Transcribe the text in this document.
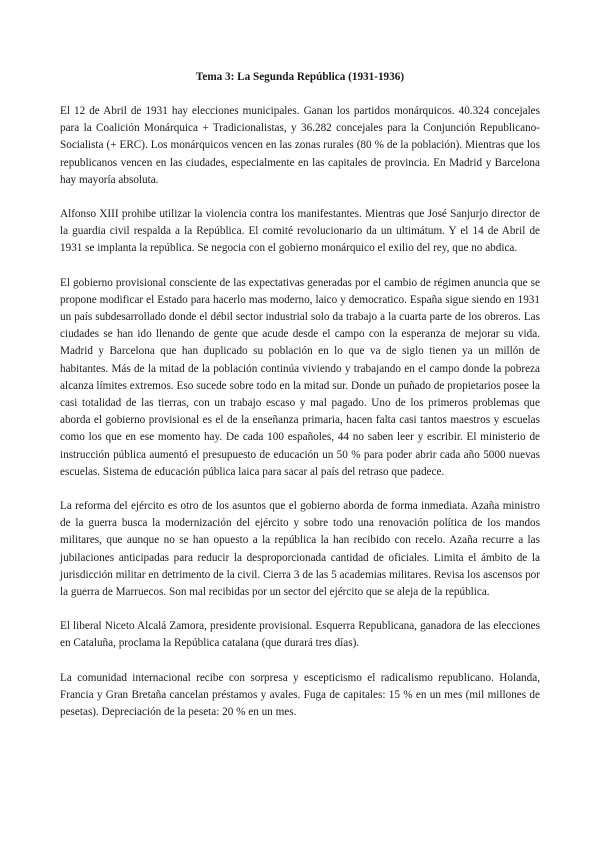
Tema 3: La Segunda República (1931-1936)

El 12 de Abril de 1931 hay elecciones municipales. Ganan los partidos monárquicos. 40.324 concejales para la Coalición Monárquica + Tradicionalistas, y 36.282 concejales para la Conjunción Republicano-Socialista (+ ERC). Los monárquicos vencen en las zonas rurales (80 % de la población). Mientras que los republicanos vencen en las ciudades, especialmente en las capitales de provincia. En Madrid y Barcelona hay mayoría absoluta.

Alfonso XIII prohibe utilizar la violencia contra los manifestantes. Mientras que José Sanjurjo director de la guardia civil respalda a la República. El comité revolucionario da un ultimátum. Y el 14 de Abril de 1931 se implanta la república. Se negocia con el gobierno monárquico el exilio del rey, que no abdica.

El gobierno provisional consciente de las expectativas generadas por el cambio de régimen anuncia que se propone modificar el Estado para hacerlo mas moderno, laico y democratico. España sigue siendo en 1931 un país subdesarrollado donde el débil sector industrial solo da trabajo a la cuarta parte de los obreros. Las ciudades se han ido llenando de gente que acude desde el campo con la esperanza de mejorar su vida. Madrid y Barcelona que han duplicado su población en lo que va de siglo tienen ya un millón de habitantes. Más de la mitad de la población continúa viviendo y trabajando en el campo donde la pobreza alcanza límites extremos. Eso sucede sobre todo en la mitad sur. Donde un puñado de propietarios posee la casi totalidad de las tierras, con un trabajo escaso y mal pagado. Uno de los primeros problemas que aborda el gobierno provisional es el de la enseñanza primaria, hacen falta casi tantos maestros y escuelas como los que en ese momento hay. De cada 100 españoles, 44 no saben leer y escribir. El ministerio de instrucción pública aumentó el presupuesto de educación un 50 % para poder abrir cada año 5000 nuevas escuelas. Sistema de educación pública laica para sacar al país del retraso que padece.

La reforma del ejército es otro de los asuntos que el gobierno aborda de forma inmediata. Azaña ministro de la guerra busca la modernización del ejército y sobre todo una renovación política de los mandos militares, que aunque no se han opuesto a la república la han recibido con recelo. Azaña recurre a las jubilaciones anticipadas para reducir la desproporcionada cantidad de oficiales. Limita el ámbito de la jurisdicción militar en detrimento de la civil. Cierra 3 de las 5 academias militares. Revisa los ascensos por la guerra de Marruecos. Son mal recibidas por un sector del ejército que se aleja de la república.

El liberal Niceto Alcalá Zamora, presidente provisional. Esquerra Republicana, ganadora de las elecciones en Cataluña, proclama la República catalana (que durará tres días).

La comunidad internacional recibe con sorpresa y escepticismo el radicalismo republicano. Holanda, Francia y Gran Bretaña cancelan préstamos y avales. Fuga de capitales: 15 % en un mes (mil millones de pesetas). Depreciación de la peseta: 20 % en un mes.
